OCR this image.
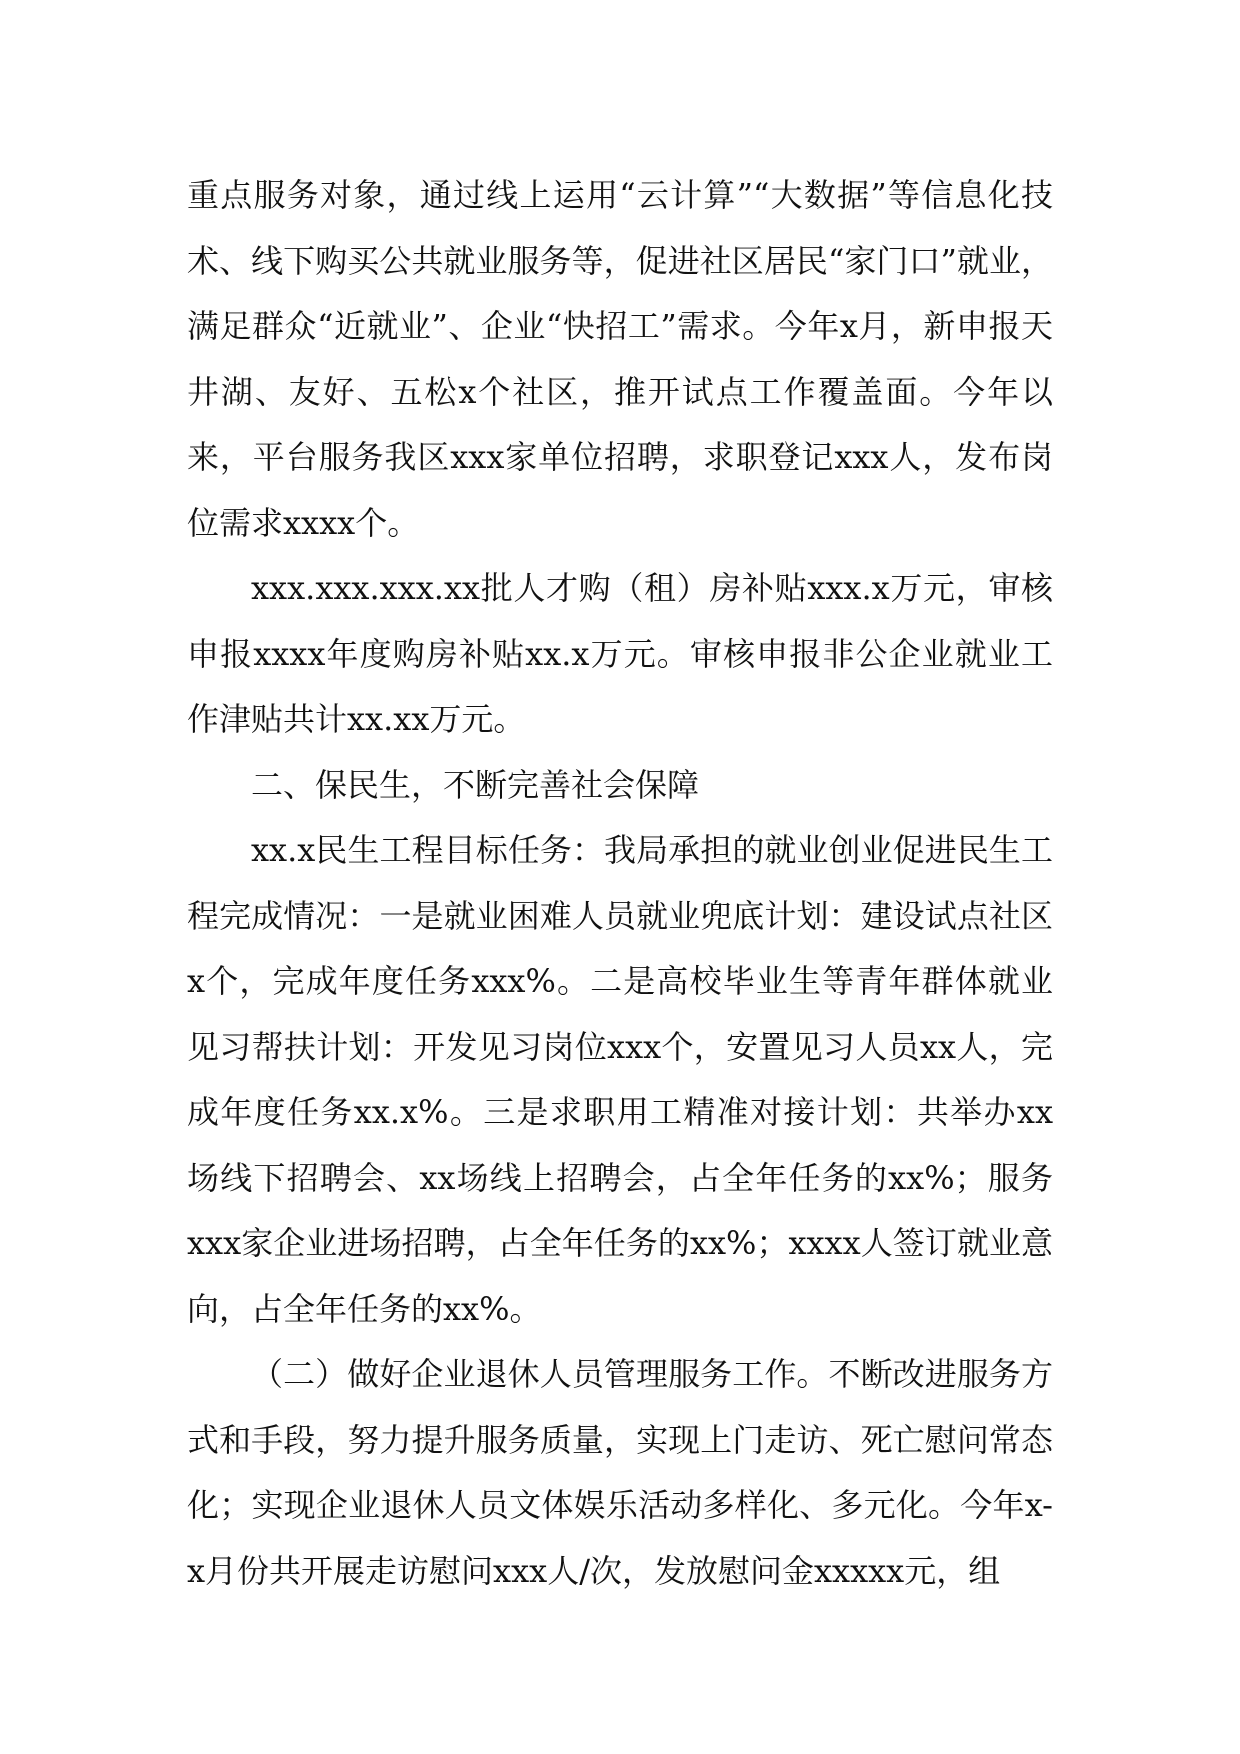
重点服务对象，通过线上运用“云计算”“大数据”等信息化技术、线下购买公共就业服务等，促进社区居民“家门口”就业，满足群众“近就业”、企业“快招工”需求。今年x月，新申报天井湖、友好、五松x个社区，推开试点工作覆盖面。今年以来，平台服务我区xxx家单位招聘，求职登记xxx人，发布岗位需求xxxx个。

xxx.xxx.xxx.xx批人才购（租）房补贴xxx.x万元，审核申报xxxx年度购房补贴xx.x万元。审核申报非公企业就业工作津贴共计xx.xx万元。

二、保民生，不断完善社会保障

xx.x民生工程目标任务：我局承担的就业创业促进民生工程完成情况：一是就业困难人员就业兜底计划：建设试点社区x个，完成年度任务xxx%。二是高校毕业生等青年群体就业见习帮扶计划：开发见习岗位xxx个，安置见习人员xx人，完成年度任务xx.x%。三是求职用工精准对接计划：共举办xx场线下招聘会、xx场线上招聘会，占全年任务的xx%；服务xxx家企业进场招聘，占全年任务的xx%；xxxx人签订就业意向，占全年任务的xx%。

（二）做好企业退休人员管理服务工作。不断改进服务方式和手段，努力提升服务质量，实现上门走访、死亡慰问常态化；实现企业退休人员文体娱乐活动多样化、多元化。今年x-x月份共开展走访慰问xxx人/次，发放慰问金xxxxx元，组
